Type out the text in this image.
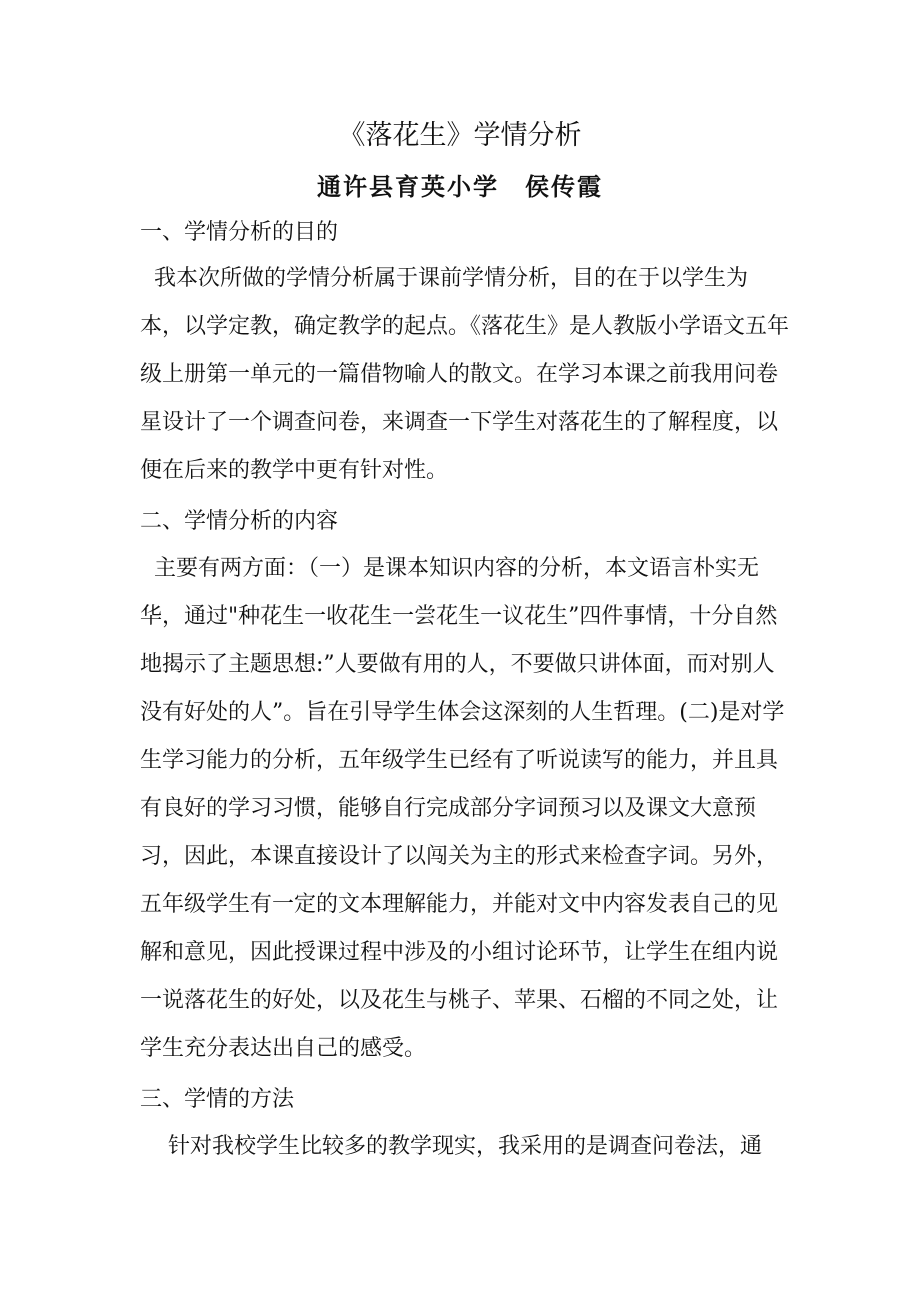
《落花生》学情分析
通许县育英小学　侯传霞
一、学情分析的目的
我本次所做的学情分析属于课前学情分析，目的在于以学生为
本，以学定教，确定教学的起点。《落花生》是人教版小学语文五年
级上册第一单元的一篇借物喻人的散文。在学习本课之前我用问卷
星设计了一个调查问卷，来调查一下学生对落花生的了解程度，以
便在后来的教学中更有针对性。
二、学情分析的内容
主要有两方面：（一）是课本知识内容的分析，本文语言朴实无
华，通过"种花生一收花生一尝花生一议花生”四件事情，十分自然
地揭示了主题思想:”人要做有用的人，不要做只讲体面，而对别人
没有好处的人”。旨在引导学生体会这深刻的人生哲理。(二)是对学
生学习能力的分析，五年级学生已经有了听说读写的能力，并且具
有良好的学习习惯，能够自行完成部分字词预习以及课文大意预
习，因此，本课直接设计了以闯关为主的形式来检查字词。另外，
五年级学生有一定的文本理解能力，并能对文中内容发表自己的见
解和意见，因此授课过程中涉及的小组讨论环节，让学生在组内说
一说落花生的好处，以及花生与桃子、苹果、石榴的不同之处，让
学生充分表达出自己的感受。
三、学情的方法
针对我校学生比较多的教学现实，我采用的是调查问卷法，通
